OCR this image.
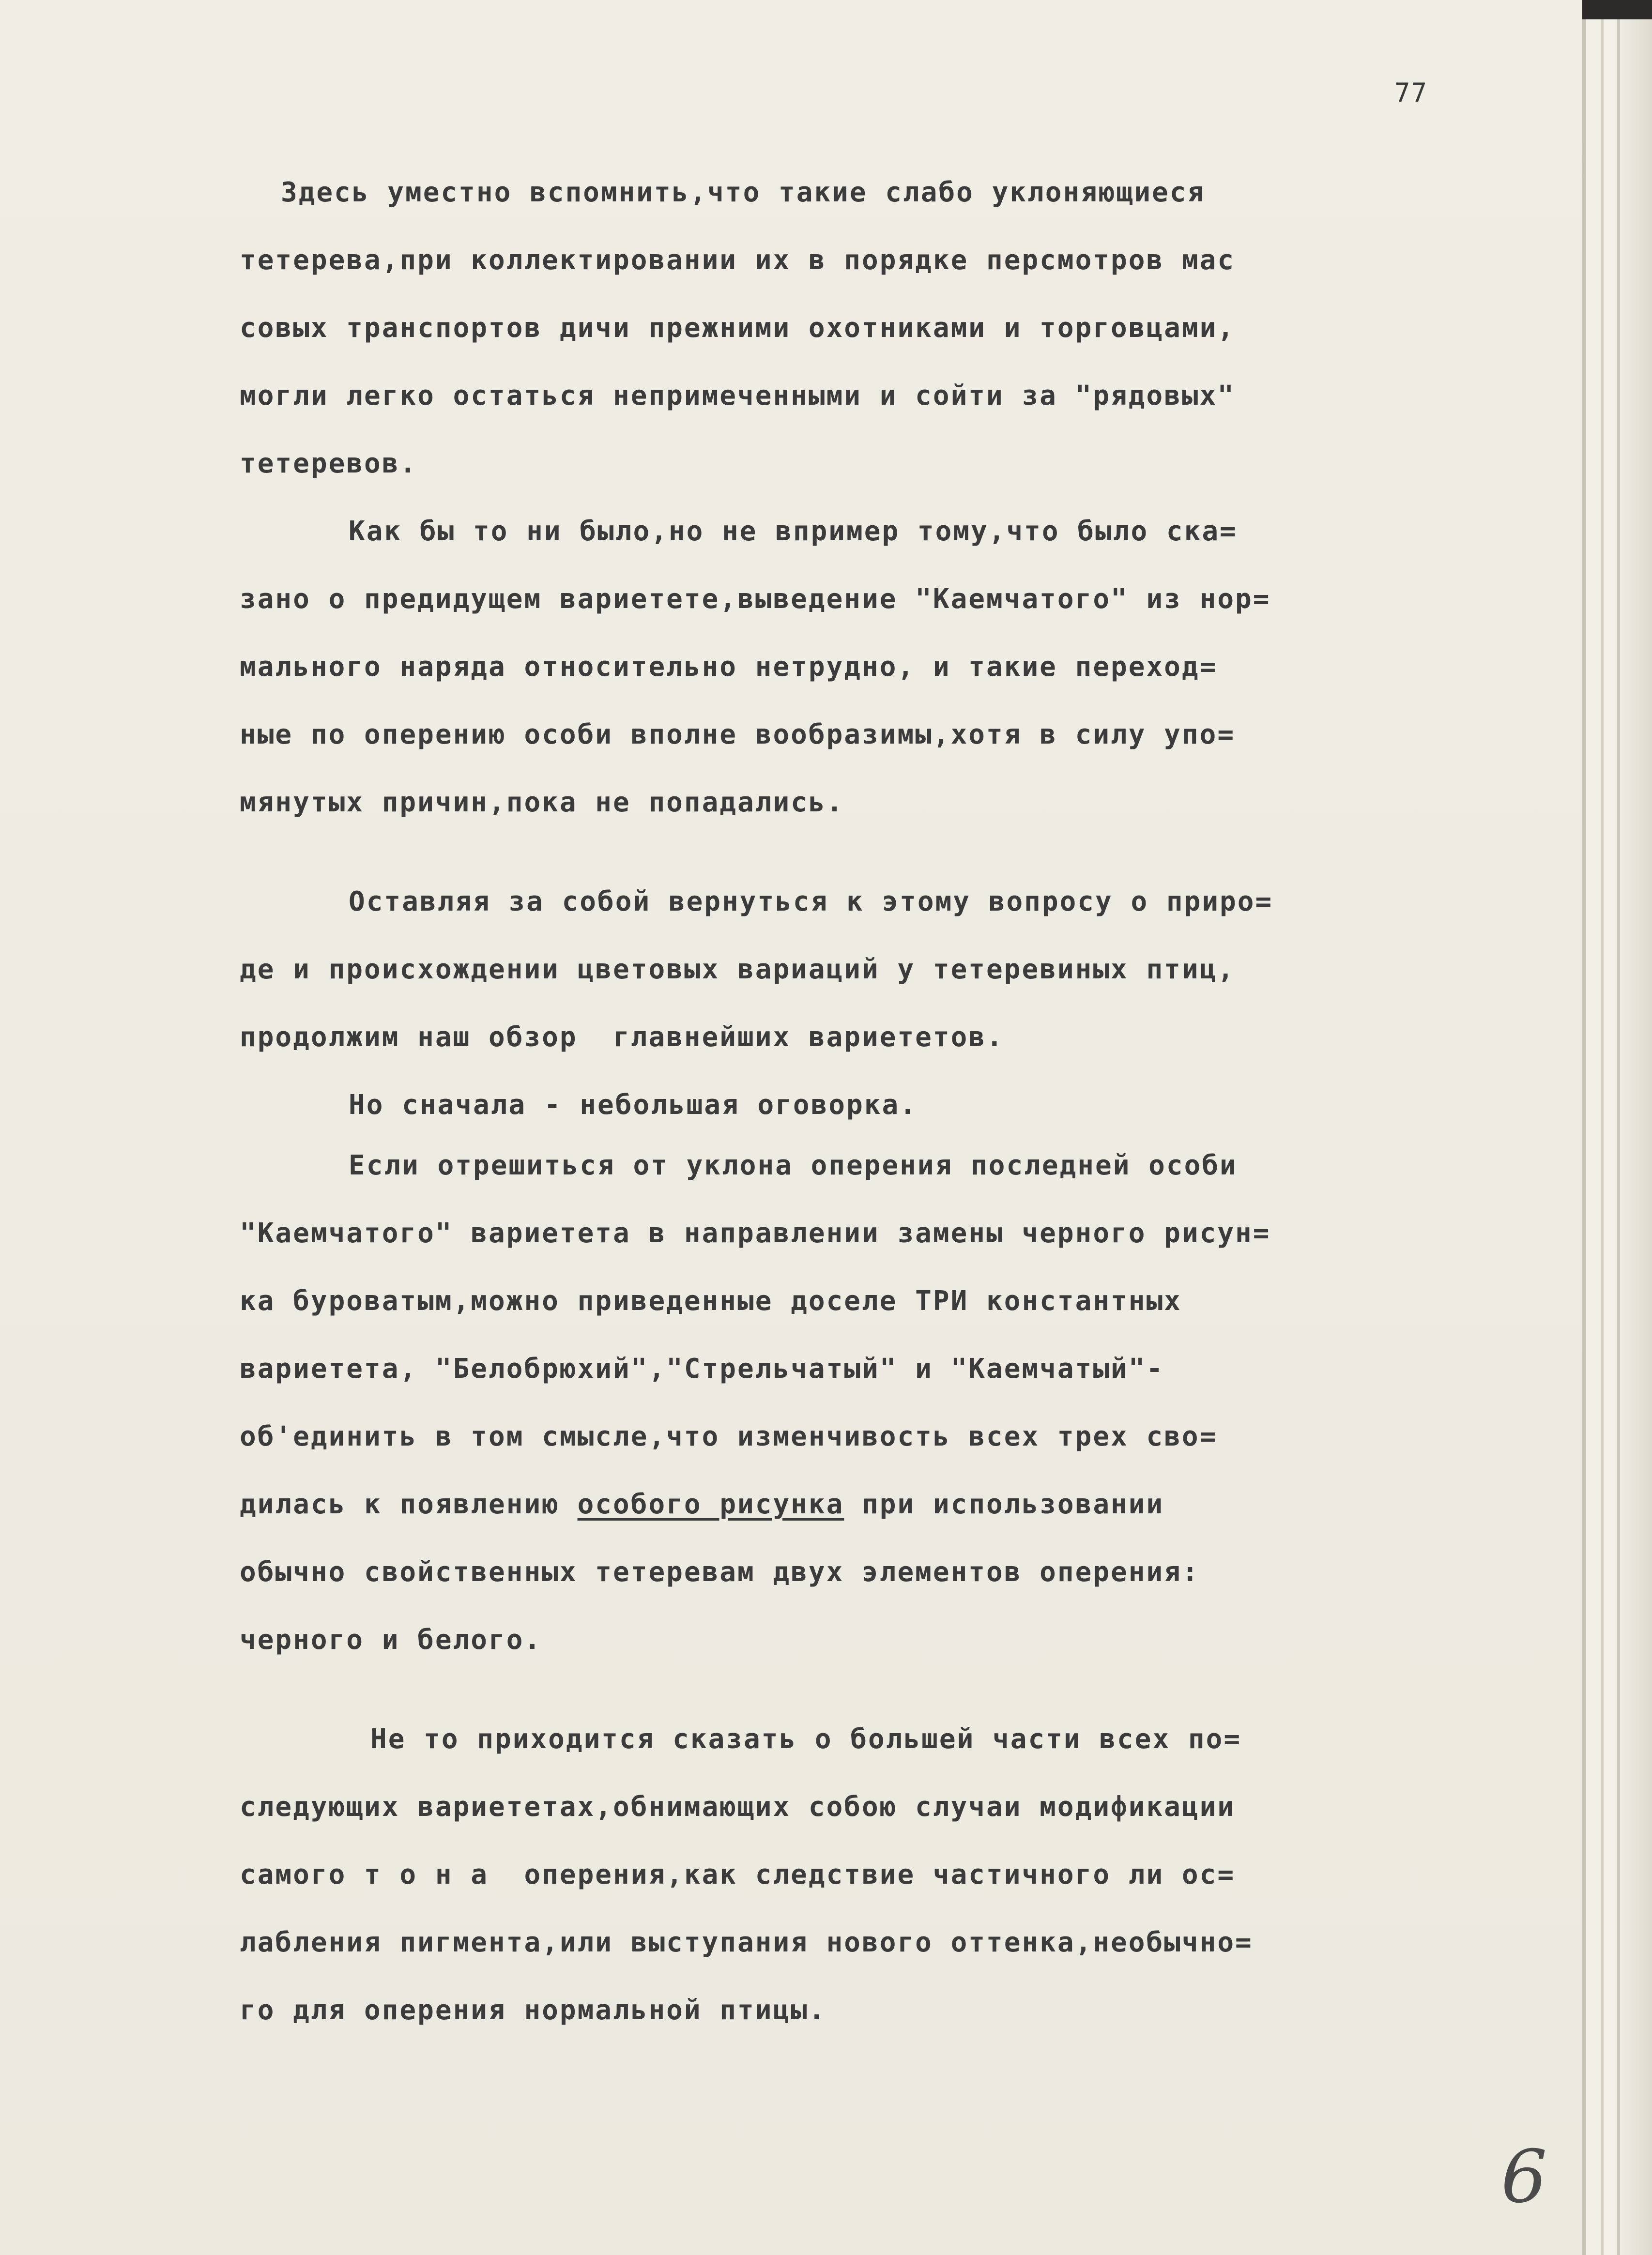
77

Здесь уместно вспомнить,что такие слабо уклоняющиеся

тетерева,при коллектировании их в порядке персмотров мас

совых транспортов дичи прежними охотниками и торговцами,

могли легко остаться непримеченными и сойти за "рядовых"

тетеревов.

Как бы то ни было,но не впример тому,что было ска=

зано о предидущем вариетете,выведение "Каемчатого" из нор=

мального наряда относительно нетрудно, и такие переход=

ные по оперению особи вполне вообразимы,хотя в силу упо=

мянутых причин,пока не попадались.

Оставляя за собой вернуться к этому вопросу о приро=

де и происхождении цветовых вариаций у тетеревиных птиц,

продолжим наш обзор  главнейших вариететов.

Но сначала - небольшая оговорка.

Если отрешиться от уклона оперения последней особи

"Каемчатого" вариетета в направлении замены черного рисун=

ка буроватым,можно приведенные доселе ТРИ константных

вариетета, "Белобрюхий","Стрельчатый" и "Каемчатый"-

об'единить в том смысле,что изменчивость всех трех сво=

дилась к появлению особого рисунка при использовании

обычно свойственных тетеревам двух элементов оперения:

черного и белого.

Не то приходится сказать о большей части всех по=

следующих вариететах,обнимающих собою случаи модификации

самого т о н а  оперения,как следствие частичного ли ос=

лабления пигмента,или выступания нового оттенка,необычно=

го для оперения нормальной птицы.

6
